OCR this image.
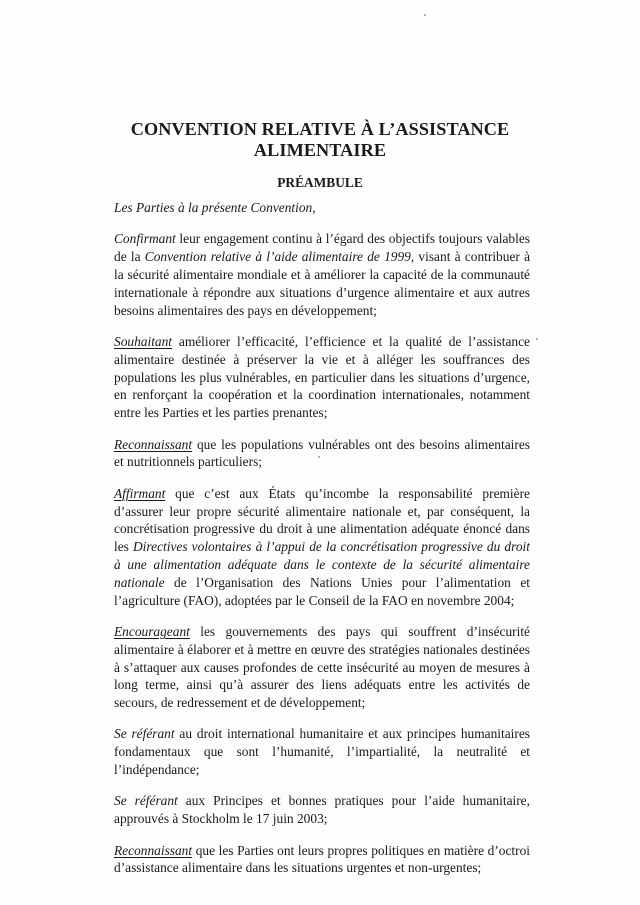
CONVENTION RELATIVE À L’ASSISTANCE
ALIMENTAIRE
PRÉAMBULE

Les Parties à la présente Convention,

Confirmant leur engagement continu à l’égard des objectifs toujours valables de la Convention relative à l’aide alimentaire de 1999, visant à contribuer à la sécurité alimentaire mondiale et à améliorer la capacité de la communauté internationale à répondre aux situations d’urgence alimentaire et aux autres besoins alimentaires des pays en développement;

Souhaitant améliorer l’efficacité, l’efficience et la qualité de l’assistance alimentaire destinée à préserver la vie et à alléger les souffrances des populations les plus vulnérables, en particulier dans les situations d’urgence, en renforçant la coopération et la coordination internationales, notamment entre les Parties et les parties prenantes;

Reconnaissant que les populations vulnérables ont des besoins alimentaires et nutritionnels particuliers;

Affirmant que c’est aux États qu’incombe la responsabilité première d’assurer leur propre sécurité alimentaire nationale et, par conséquent, la concrétisation progressive du droit à une alimentation adéquate énoncé dans les Directives volontaires à l’appui de la concrétisation progressive du droit à une alimentation adéquate dans le contexte de la sécurité alimentaire nationale de l’Organisation des Nations Unies pour l’alimentation et l’agriculture (FAO), adoptées par le Conseil de la FAO en novembre 2004;

Encourageant les gouvernements des pays qui souffrent d’insécurité alimentaire à élaborer et à mettre en œuvre des stratégies nationales destinées à s’attaquer aux causes profondes de cette insécurité au moyen de mesures à long terme, ainsi qu’à assurer des liens adéquats entre les activités de secours, de redressement et de développement;

Se référant au droit international humanitaire et aux principes humanitaires fondamentaux que sont l’humanité, l’impartialité, la neutralité et l’indépendance;

Se référant aux Principes et bonnes pratiques pour l’aide humanitaire, approuvés à Stockholm le 17 juin 2003;

Reconnaissant que les Parties ont leurs propres politiques en matière d’octroi d’assistance alimentaire dans les situations urgentes et non-urgentes;
